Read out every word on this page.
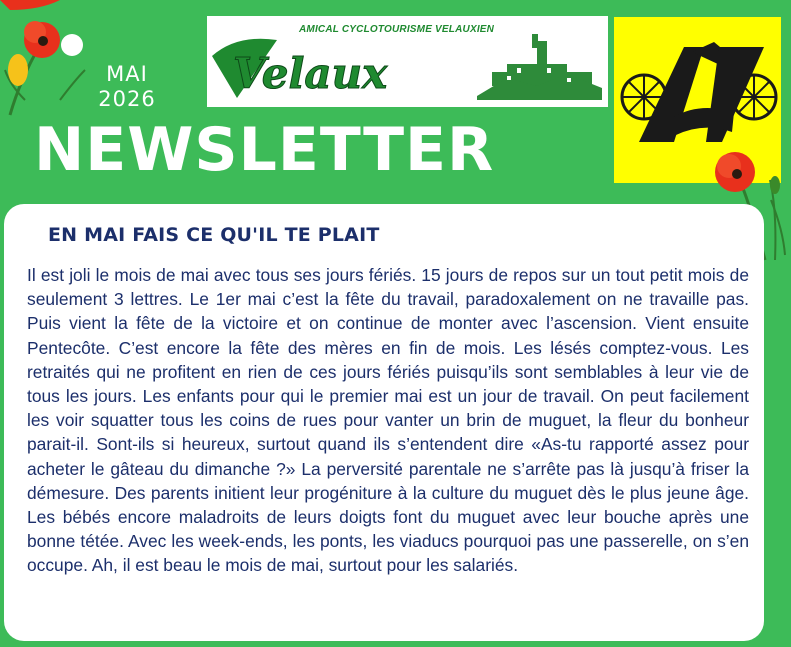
MAI
2026
NEWSLETTER
Velaux
AMICAL CYCLOTOURISME VELAUXIEN
EN MAI FAIS CE QU'IL TE PLAIT

Il est joli le mois de mai avec tous ses jours fériés. 15 jours de repos sur un tout petit mois de seulement 3 lettres. Le 1er mai c’est la fête du travail, paradoxalement on ne travaille pas. Puis vient la fête de la victoire et on continue de monter avec l’ascension. Vient ensuite Pentecôte. C’est encore la fête des mères en fin de mois. Les lésés comptez-vous. Les retraités qui ne profitent en rien de ces jours fériés puisqu’ils sont semblables à leur vie de tous les jours. Les enfants pour qui le premier mai est un jour de travail. On peut facilement les voir squatter tous les coins de rues pour vanter un brin de muguet, la fleur du bonheur parait-il. Sont-ils si heureux, surtout quand ils s’entendent dire «As-tu rapporté assez pour acheter le gâteau du dimanche ?» La perversité parentale ne s’arrête pas là jusqu’à friser la démesure. Des parents initient leur progéniture à la culture du muguet dès le plus jeune âge. Les bébés encore maladroits de leurs doigts font du muguet avec leur bouche après une bonne tétée. Avec les week-ends, les ponts, les viaducs pourquoi pas une passerelle, on s’en occupe. Ah, il est beau le mois de mai, surtout pour les salariés.
